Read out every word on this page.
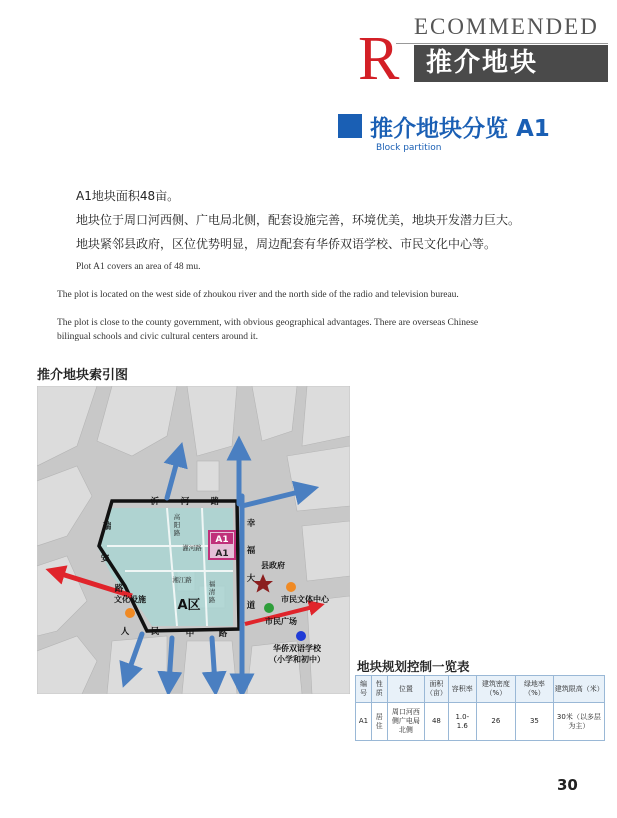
ECOMMENDED
R	推介地块
推介地块分览 A1
Block partition
A1地块面积48亩。
地块位于周口河西侧、广电局北侧，配套设施完善，环境优美，地块开发潜力巨大。
地块紧邻县政府，区位优势明显，周边配套有华侨双语学校、市民文化中心等。
Plot A1 covers an area of 48 mu.
The plot is located on the west side of zhoukou river and the north side of the radio and television bureau.
The plot is close to the county government, with obvious geographical advantages. There are overseas Chinese
bilingual schools and civic cultural centers around it.
推介地块索引图
A1
A1
沂	河	路
人	民	中	路
瑞
安
路
幸
福
大
道
高
阳
路
灌河路
湘江路	福
清
路
A区
县政府
市民文体中心
市民广场
文化设施
华侨双语学校
（小学和初中）	地块规划控制一览表
编号	性质	位置	面积（亩）	容积率	建筑密度（%）	绿地率（%）	建筑限高（米）
A1	居住	周口河西侧广电局北侧	48	1.0-1.6	26	35	30米（以多层为主）
30
